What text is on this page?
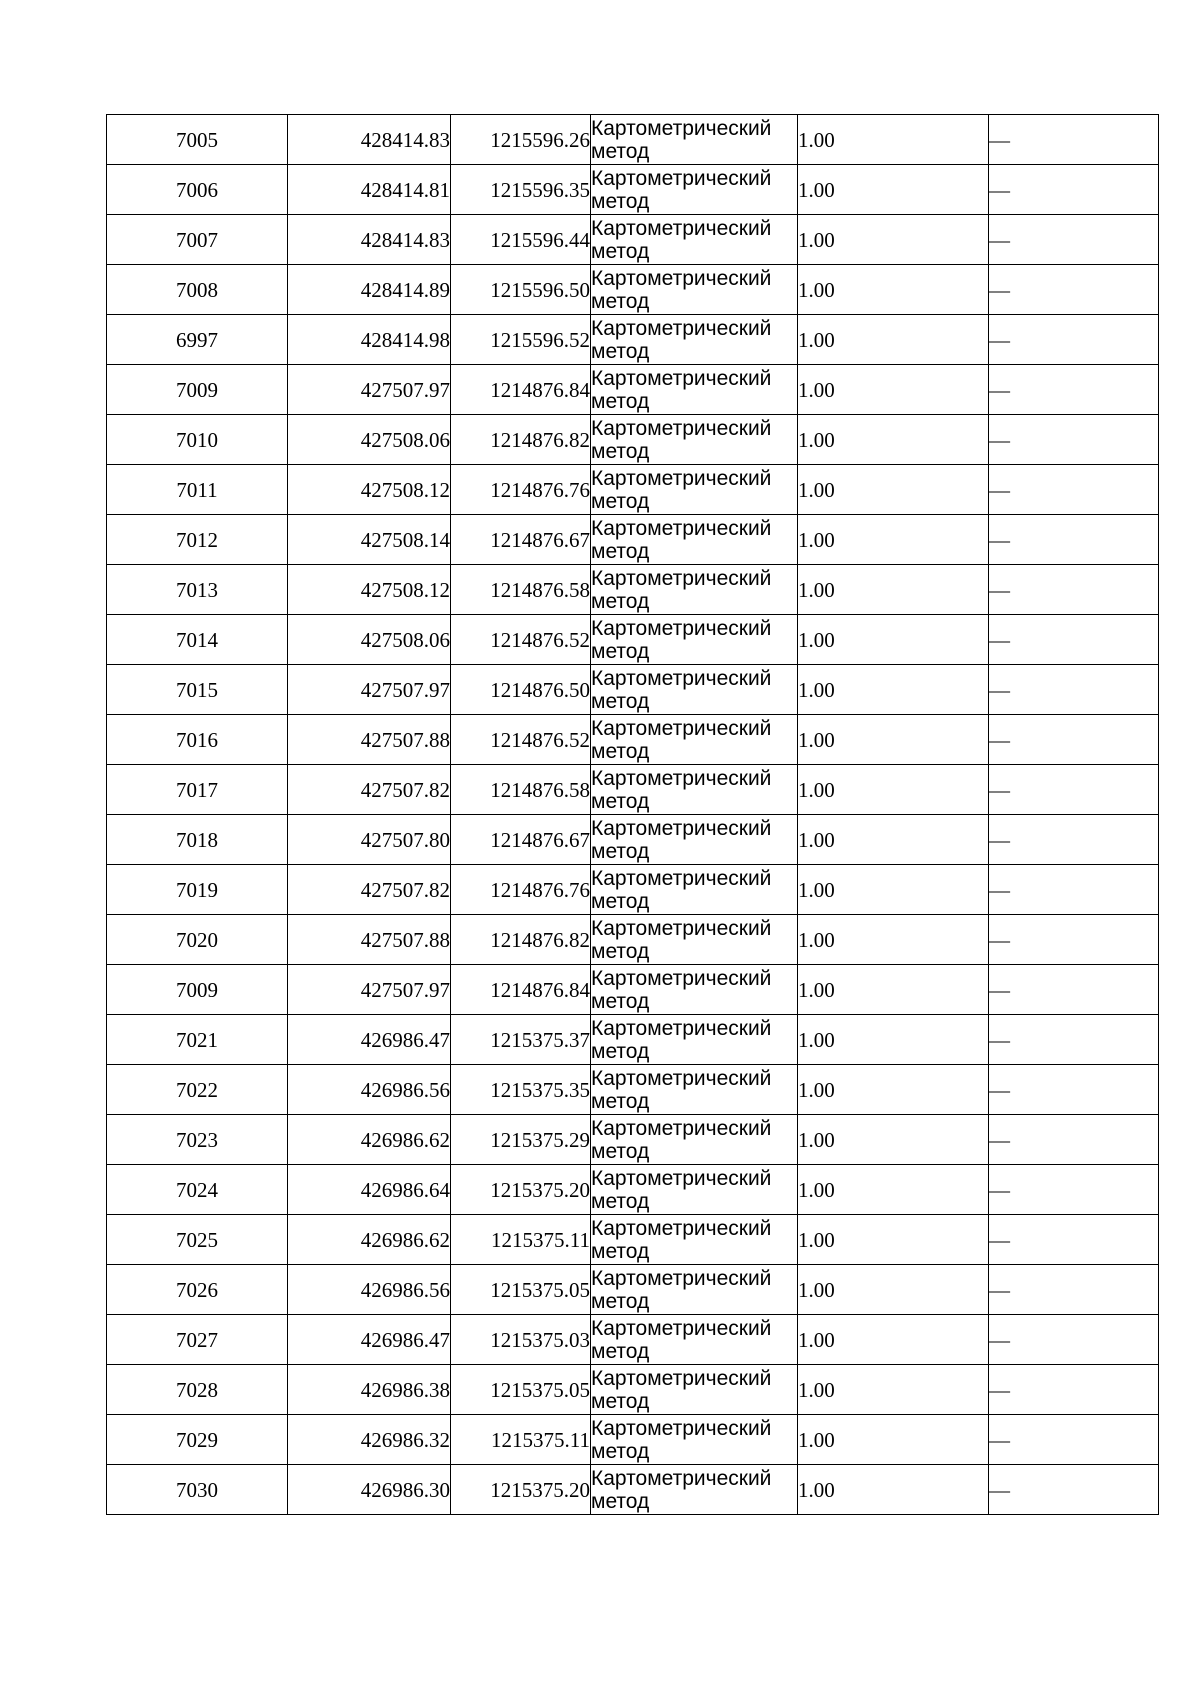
7005	428414.83	1215596.26	Картометрический
метод	1.00	—
7006	428414.81	1215596.35	Картометрический
метод	1.00	—
7007	428414.83	1215596.44	Картометрический
метод	1.00	—
7008	428414.89	1215596.50	Картометрический
метод	1.00	—
6997	428414.98	1215596.52	Картометрический
метод	1.00	—
7009	427507.97	1214876.84	Картометрический
метод	1.00	—
7010	427508.06	1214876.82	Картометрический
метод	1.00	—
7011	427508.12	1214876.76	Картометрический
метод	1.00	—
7012	427508.14	1214876.67	Картометрический
метод	1.00	—
7013	427508.12	1214876.58	Картометрический
метод	1.00	—
7014	427508.06	1214876.52	Картометрический
метод	1.00	—
7015	427507.97	1214876.50	Картометрический
метод	1.00	—
7016	427507.88	1214876.52	Картометрический
метод	1.00	—
7017	427507.82	1214876.58	Картометрический
метод	1.00	—
7018	427507.80	1214876.67	Картометрический
метод	1.00	—
7019	427507.82	1214876.76	Картометрический
метод	1.00	—
7020	427507.88	1214876.82	Картометрический
метод	1.00	—
7009	427507.97	1214876.84	Картометрический
метод	1.00	—
7021	426986.47	1215375.37	Картометрический
метод	1.00	—
7022	426986.56	1215375.35	Картометрический
метод	1.00	—
7023	426986.62	1215375.29	Картометрический
метод	1.00	—
7024	426986.64	1215375.20	Картометрический
метод	1.00	—
7025	426986.62	1215375.11	Картометрический
метод	1.00	—
7026	426986.56	1215375.05	Картометрический
метод	1.00	—
7027	426986.47	1215375.03	Картометрический
метод	1.00	—
7028	426986.38	1215375.05	Картометрический
метод	1.00	—
7029	426986.32	1215375.11	Картометрический
метод	1.00	—
7030	426986.30	1215375.20	Картометрический
метод	1.00	—
